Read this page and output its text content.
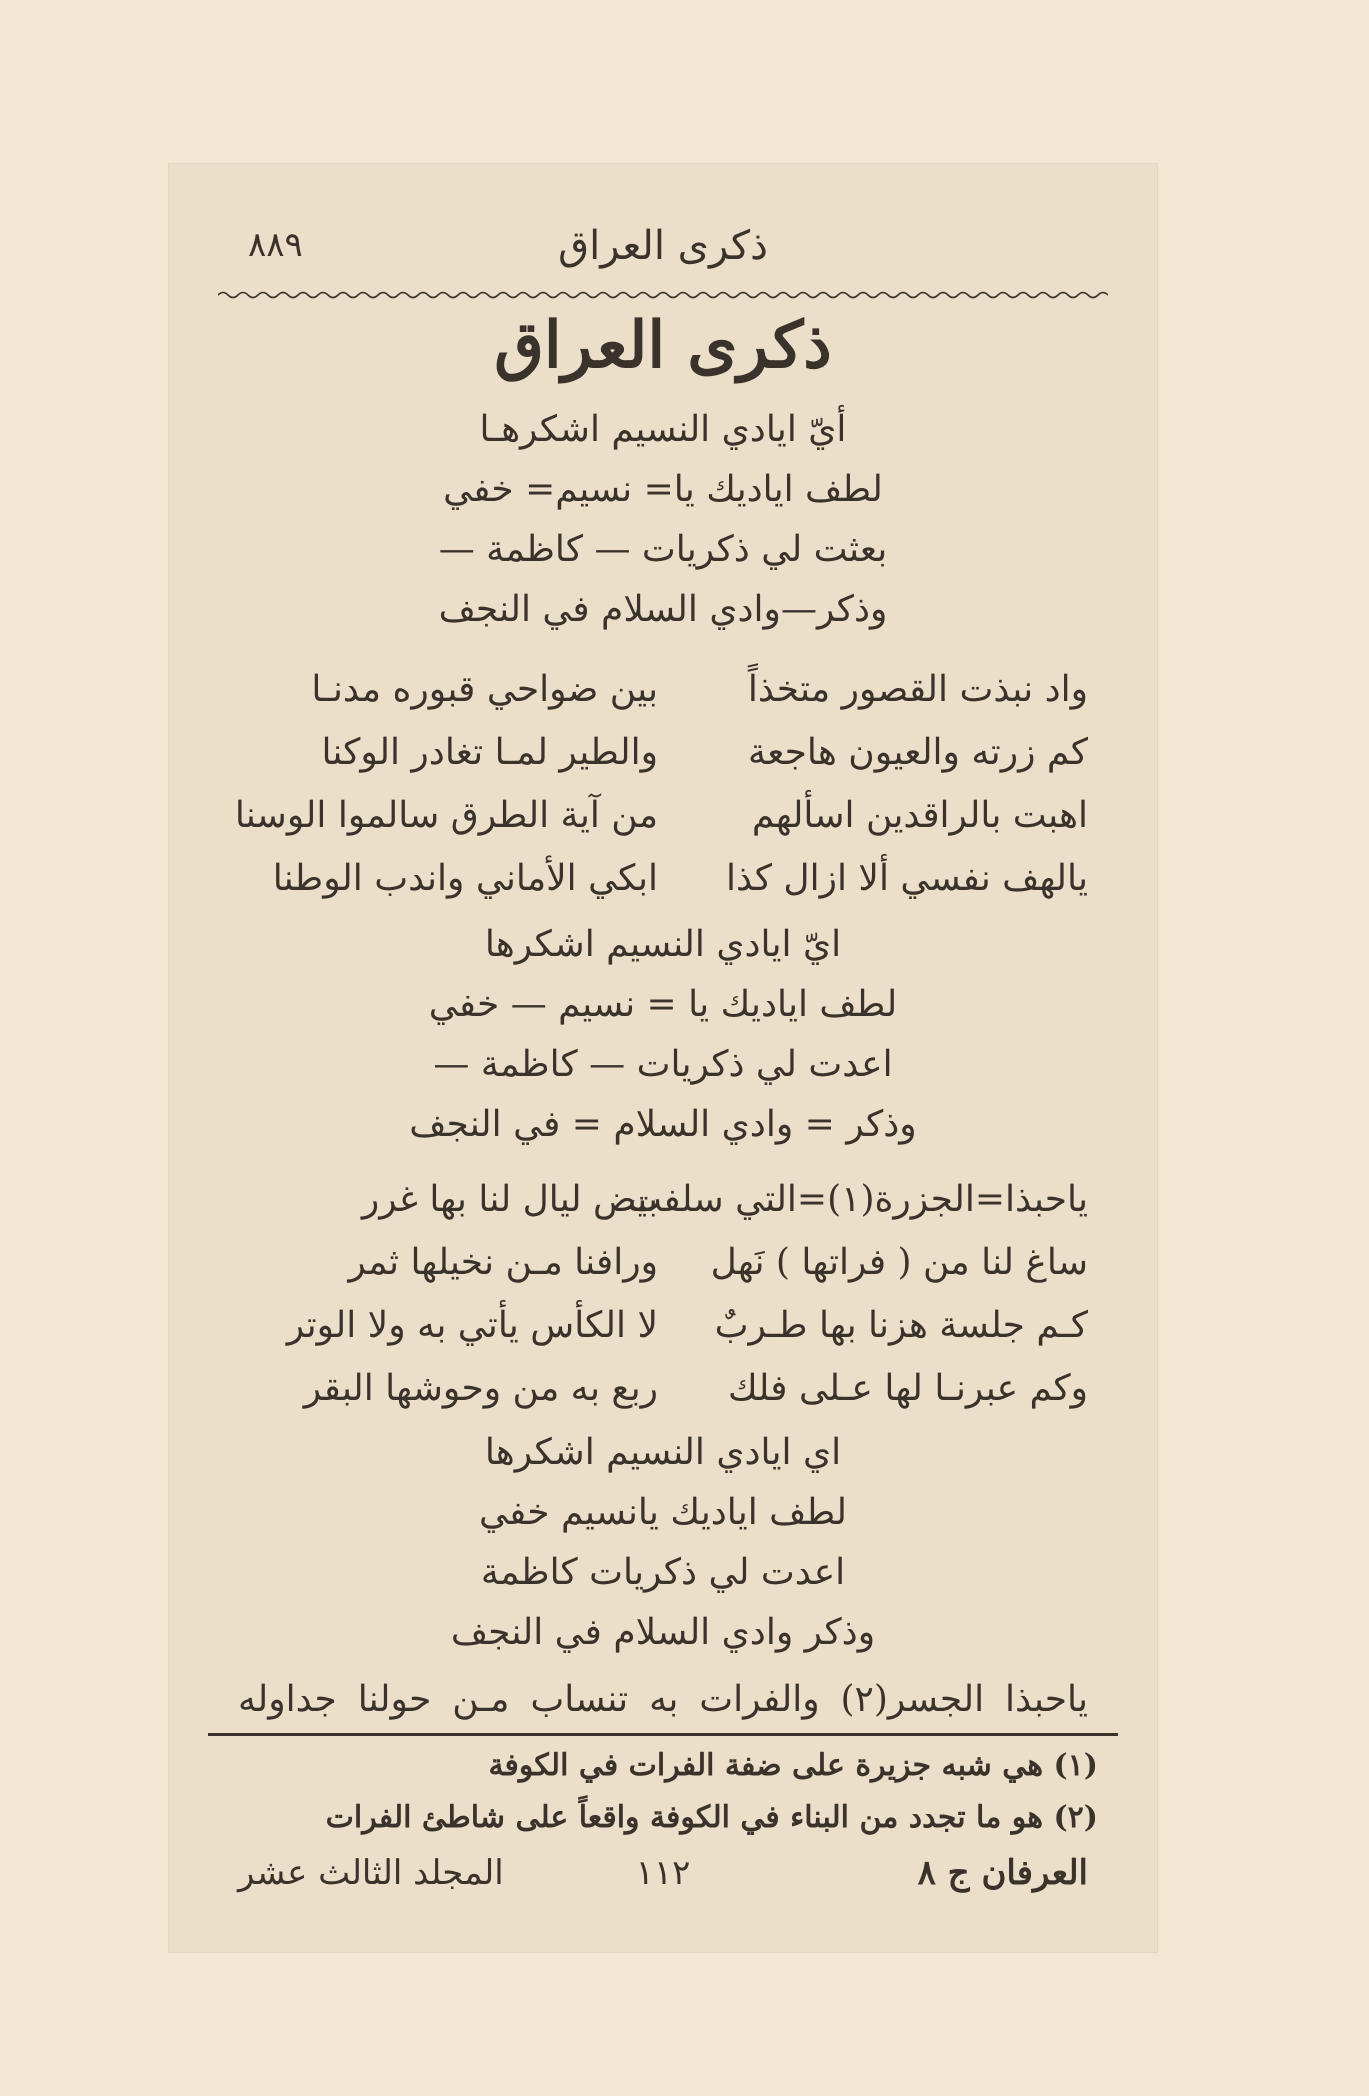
ذكرى العراق
٨٨٩
ذكرى العراق
أيّ ايادي النسيم اشكرهـا
لطف اياديك يا= نسيم= خفي
بعثت لي ذكريات — كاظمة —
وذكر—وادي السلام في النجف
واد نبذت القصور متخذاً
بين ضواحي قبوره مدنـا
كم زرته والعيون هاجعة
والطير لمـا تغادر الوكنا
اهبت بالراقدين اسألهم
من آية الطرق سالموا الوسنا
يالهف نفسي ألا ازال كذا
ابكي الأماني واندب الوطنا
ايّ ايادي النسيم اشكرها
لطف اياديك يا = نسيم — خفي
اعدت لي ذكريات — كاظمة —
وذكر = وادي السلام = في النجف
ياحبذا=الجزرة(١)=التي سلفت
بيض ليال لنا بها غرر
ساغ لنا من ( فراتها ) نَهل
ورافنا مـن نخيلها ثمر
كـم جلسة هزنا بها طـربٌ
لا الكأس يأتي به ولا الوتر
وكم عبرنـا لها عـلى فلك
ربع به من وحوشها البقر
اي ايادي النسيم اشكرها
لطف اياديك يانسيم خفي
اعدت لي ذكريات كاظمة
وذكر وادي السلام في النجف
ياحبذا الجسر(٢) والفرات به تنساب مـن حولنا جداوله
(١) هي شبه جزيرة على ضفة الفرات في الكوفة
(٢) هو ما تجدد من البناء في الكوفة واقعاً على شاطئ الفرات
العرفان ج ٨
١١٢
المجلد الثالث عشر
